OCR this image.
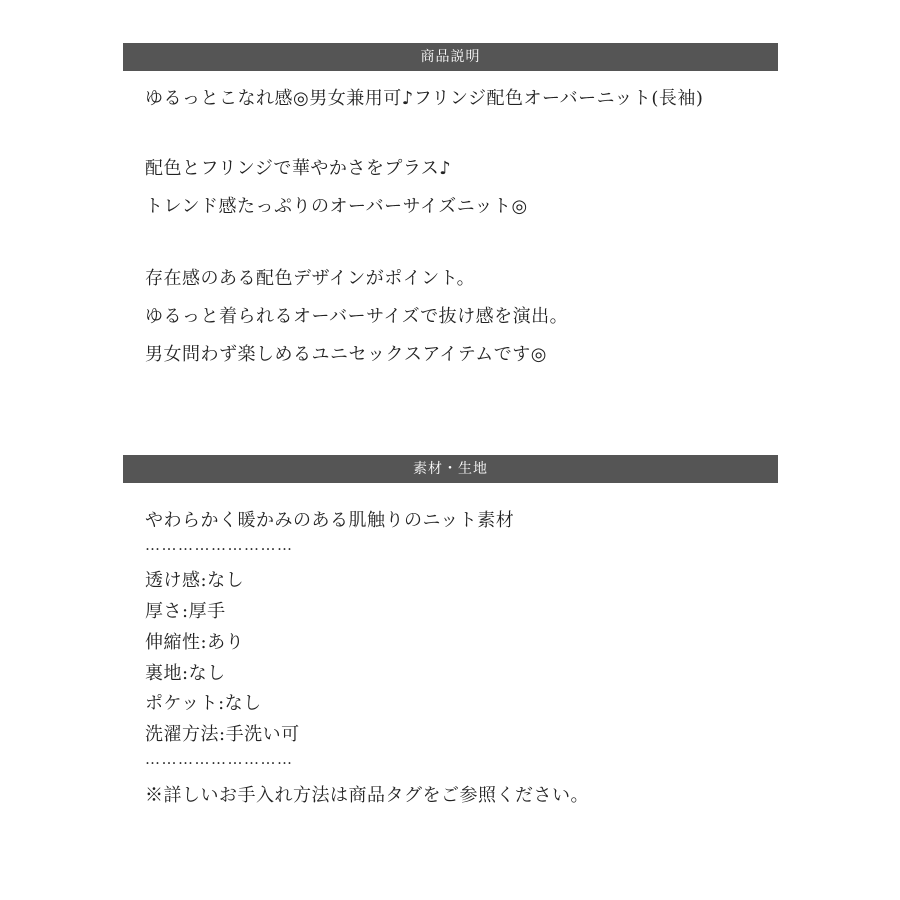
商品説明
ゆるっとこなれ感◎男女兼用可♪フリンジ配色オーバーニット(長袖)
配色とフリンジで華やかさをプラス♪
トレンド感たっぷりのオーバーサイズニット◎
存在感のある配色デザインがポイント。
ゆるっと着られるオーバーサイズで抜け感を演出。
男女問わず楽しめるユニセックスアイテムです◎
素材・生地
やわらかく暖かみのある肌触りのニット素材
………………………
透け感:なし
厚さ:厚手
伸縮性:あり
裏地:なし
ポケット:なし
洗濯方法:手洗い可
………………………
※詳しいお手入れ方法は商品タグをご参照ください。
